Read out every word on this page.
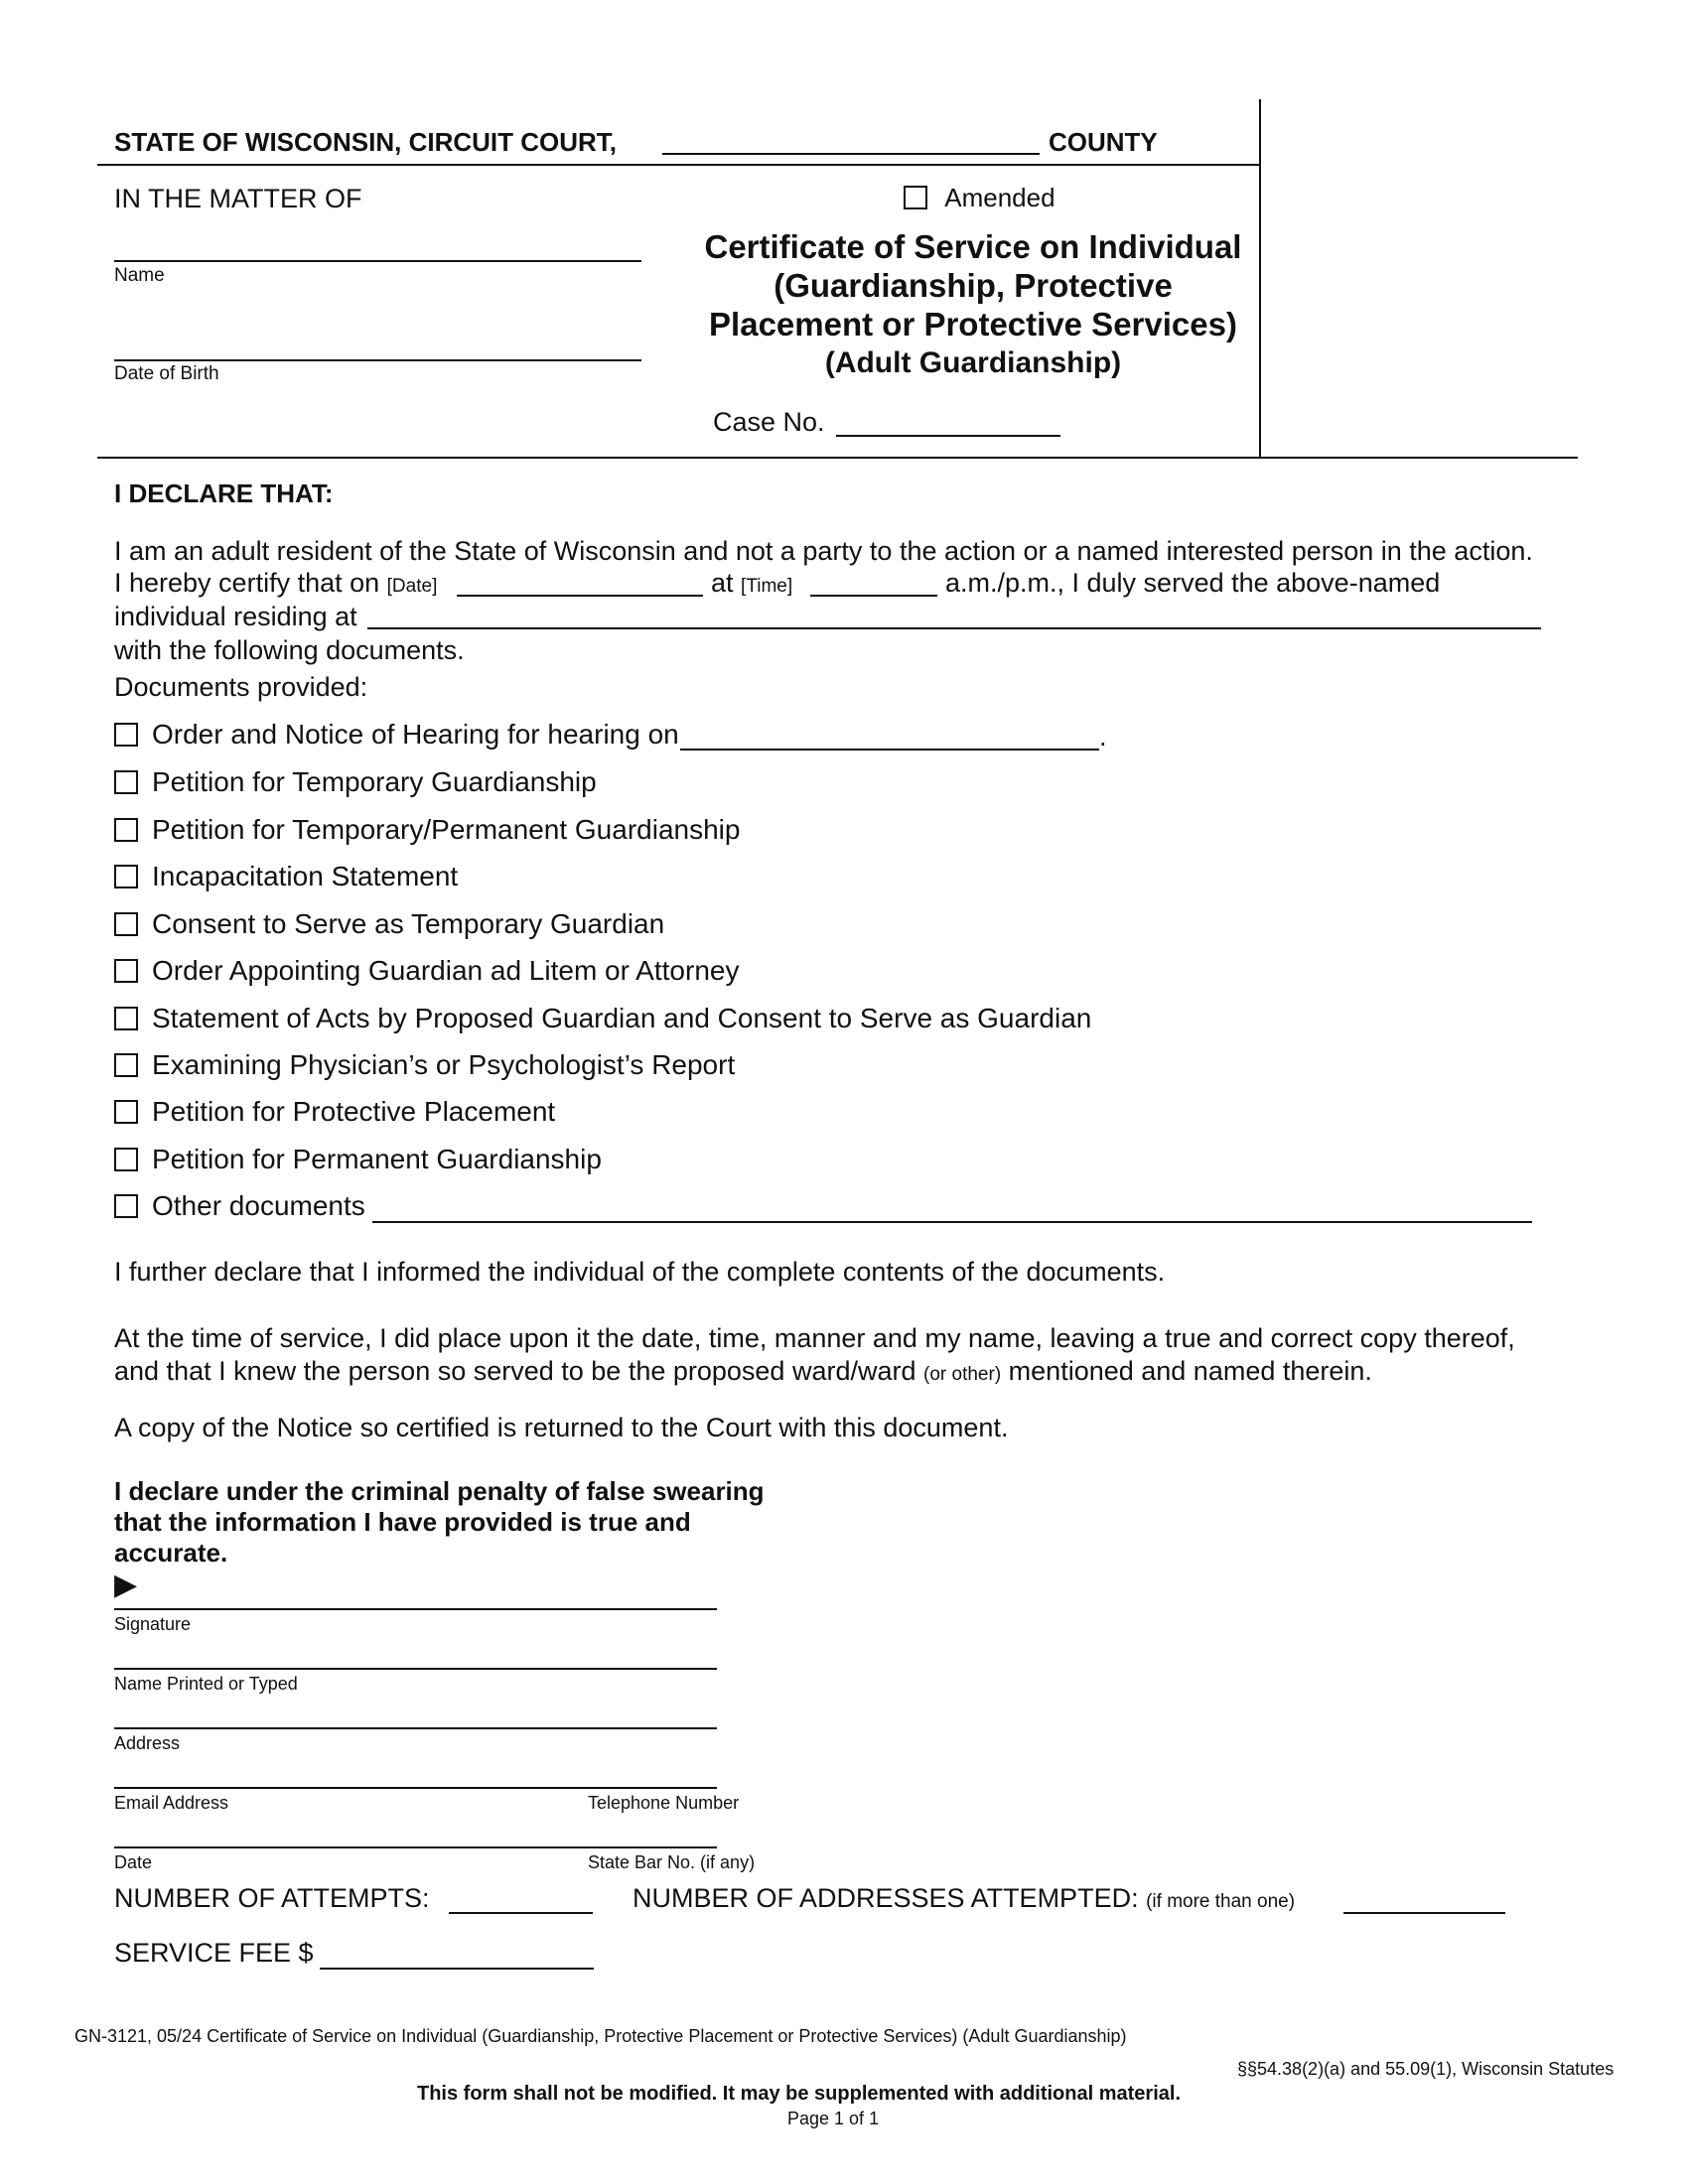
STATE OF WISCONSIN, CIRCUIT COURT,	COUNTY
IN THE MATTER OF
Name
Date of Birth
Amended
Certificate of Service on Individual
(Guardianship, Protective
Placement or Protective Services)
(Adult Guardianship)
Case No.
I DECLARE THAT:
I am an adult resident of the State of Wisconsin and not a party to the action or a named interested person in the action.
I hereby certify that on [Date]	at [Time]	a.m./p.m., I duly served the above-named
individual residing at
with the following documents.
Documents provided:
Order and Notice of Hearing for hearing on	.
Petition for Temporary Guardianship
Petition for Temporary/Permanent Guardianship
Incapacitation Statement
Consent to Serve as Temporary Guardian
Order Appointing Guardian ad Litem or Attorney
Statement of Acts by Proposed Guardian and Consent to Serve as Guardian
Examining Physician’s or Psychologist’s Report
Petition for Protective Placement
Petition for Permanent Guardianship
Other documents
I further declare that I informed the individual of the complete contents of the documents.
At the time of service, I did place upon it the date, time, manner and my name, leaving a true and correct copy thereof,
and that I knew the person so served to be the proposed ward/ward (or other) mentioned and named therein.
A copy of the Notice so certified is returned to the Court with this document.
I declare under the criminal penalty of false swearing
that the information I have provided is true and
accurate.
▶
Signature
Name Printed or Typed
Address
Email Address	Telephone Number
Date	State Bar No. (if any)
NUMBER OF ATTEMPTS:	NUMBER OF ADDRESSES ATTEMPTED: (if more than one)
SERVICE FEE $
GN-3121, 05/24 Certificate of Service on Individual (Guardianship, Protective Placement or Protective Services) (Adult Guardianship)
§§54.38(2)(a) and 55.09(1), Wisconsin Statutes
This form shall not be modified. It may be supplemented with additional material.
Page 1 of 1
